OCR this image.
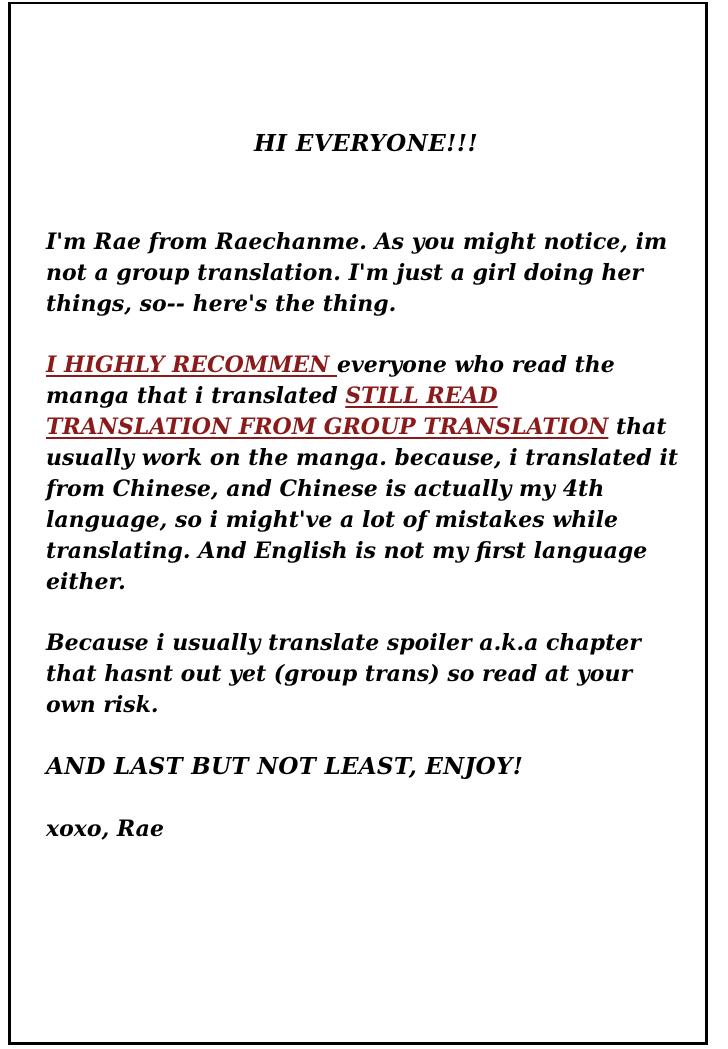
HI EVERYONE!!!
I'm Rae from Raechanme. As you might notice, im not a group translation. I'm just a girl doing her things, so-- here's the thing.
I HIGHLY RECOMMEN everyone who read the manga that i translated STILL READ TRANSLATION FROM GROUP TRANSLATION that usually work on the manga. because, i translated it from Chinese, and Chinese is actually my 4th language, so i might've a lot of mistakes while translating. And English is not my first language either.
Because i usually translate spoiler a.k.a chapter that hasnt out yet (group trans) so read at your own risk.
AND LAST BUT NOT LEAST, ENJOY!
xoxo, Rae
